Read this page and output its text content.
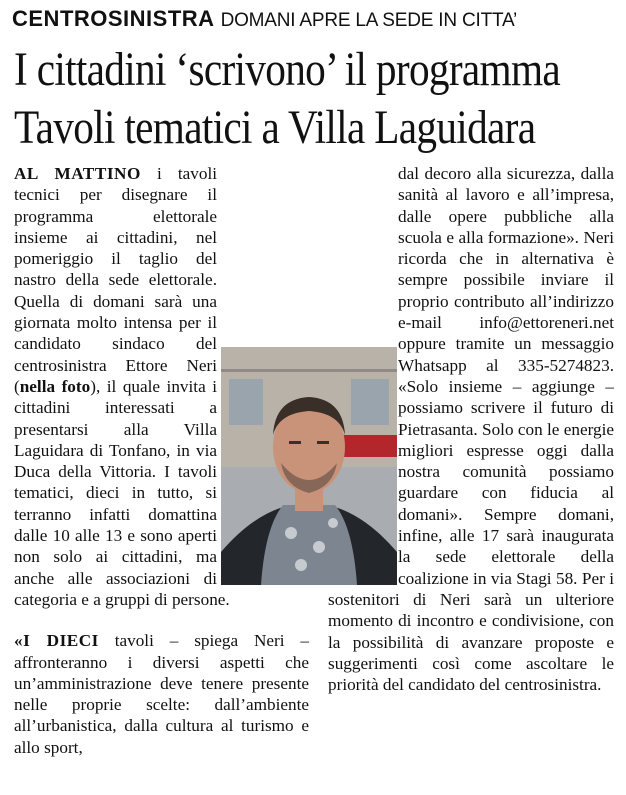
CENTROSINISTRA DOMANI APRE LA SEDE IN CITTA’
I cittadini ‘scrivono’ il programma
Tavoli tematici a Villa Laguidara

AL MATTINO i tavoli tecnici per disegnare il programma elettorale insieme ai cittadini, nel pomeriggio il taglio del nastro della sede elettorale. Quella di domani sarà una giornata molto intensa per il candidato sindaco del centrosinistra Ettore Neri (nella foto), il quale invita i cittadini interessati a presentarsi alla Villa Laguidara di Tonfano, in via Duca della Vittoria. I tavoli tematici, dieci in tutto, si terranno infatti domattina dalle 10 alle 13 e sono aperti non solo ai cittadini, ma anche alle associazioni di categoria e a gruppi di persone.

«I DIECI tavoli – spiega Neri – affronteranno i diversi aspetti che un’amministrazione deve tenere presente nelle proprie scelte: dall’ambiente all’urbanistica, dalla cultura al turismo e allo sport,

dal decoro alla sicurezza, dalla sanità al lavoro e all’impresa, dalle opere pubbliche alla scuola e alla formazione». Neri ricorda che in alternativa è sempre possibile inviare il proprio contributo all’indirizzo e-mail info@ettoreneri.net oppure tramite un messaggio Whatsapp al 335-5274823. «Solo insieme – aggiunge – possiamo scrivere il futuro di Pietrasanta. Solo con le energie migliori espresse oggi dalla nostra comunità possiamo guardare con fiducia al domani». Sempre domani, infine, alle 17 sarà inaugurata la sede elettorale della coalizione in via Stagi 58. Per i sostenitori di Neri sarà un ulteriore momento di incontro e condivisione, con la possibilità di avanzare proposte e suggerimenti così come ascoltare le priorità del candidato del centrosinistra.
